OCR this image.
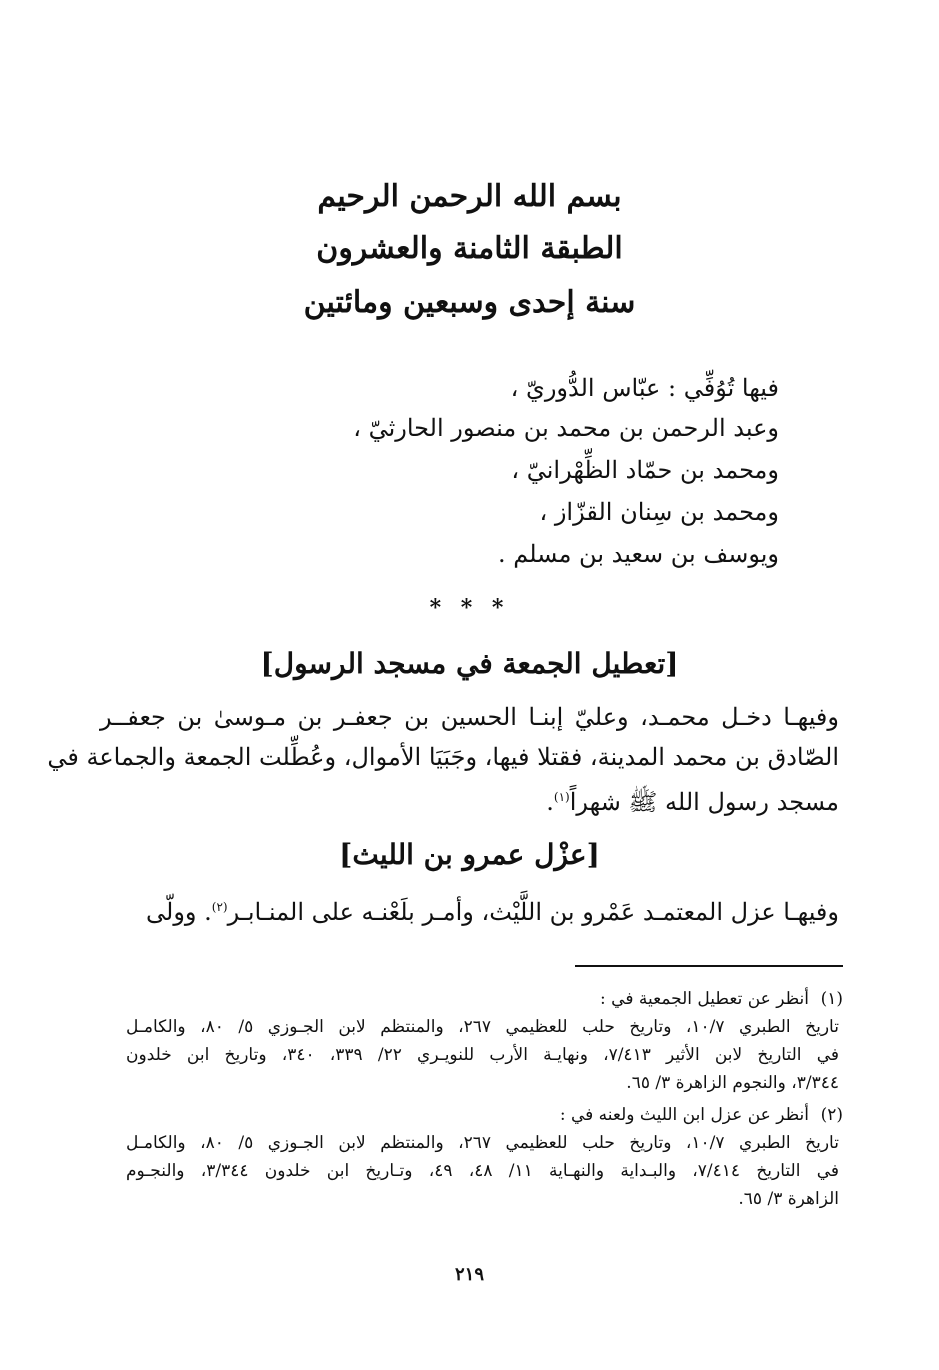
بسم الله الرحمن الرحيم
الطبقة الثامنة والعشرون
سنة إحدى وسبعين ومائتين
فيها تُوُفِّي : عبّاس الدُّوريّ ،
وعبد الرحمن بن محمد بن منصور الحارثيّ ،
ومحمد بن حمّاد الظِّهْرانيّ ،
ومحمد بن سِنان القزّاز ،
ويوسف بن سعيد بن مسلم .
* * *
[تعطيل الجمعة في مسجد الرسول]
وفيهـا دخـل محمـد، وعليّ إبنـا الحسين بن جعفـر بن مـوسىٰ بن جعفــر
الصّادق بن محمد المدينة، فقتلا فيها، وجَبَيَا الأموال، وعُطِّلت الجمعة والجماعة في
مسجد رسول الله ﷺ شهراً$^{(١)}$.
[عزْل عمرو بن الليث]
وفيهـا عزل المعتمـد عَمْرو بن اللَّيْث، وأمـر بلَعْنـه على المنـابـر$^{(٢)}$. وولّى
(١)
أنظر عن تعطيل الجمعية في :
تاريخ الطبري ١٠/٧، وتاريخ حلب للعظيمي ٢٦٧، والمنتظم لابن الجـوزي ٥/ ٨٠، والكامـل
في التاريخ لابن الأثير ٧/٤١٣، ونهايـة الأرب للنويـري ٢٢/ ٣٣٩، ٣٤٠، وتاريخ ابن خلدون
٣/٣٤٤، والنجوم الزاهرة ٣/ ٦٥.
(٢)
أنظر عن عزل ابن الليث ولعنه في :
تاريخ الطبري ١٠/٧، وتاريخ حلب للعظيمي ٢٦٧، والمنتظم لابن الجـوزي ٥/ ٨٠، والكامـل
في التاريخ ٧/٤١٤، والبـداية والنهـاية ١١/ ٤٨، ٤٩، وتـاريخ ابن خلدون ٣/٣٤٤، والنجـوم
الزاهرة ٣/ ٦٥.
٢١٩
